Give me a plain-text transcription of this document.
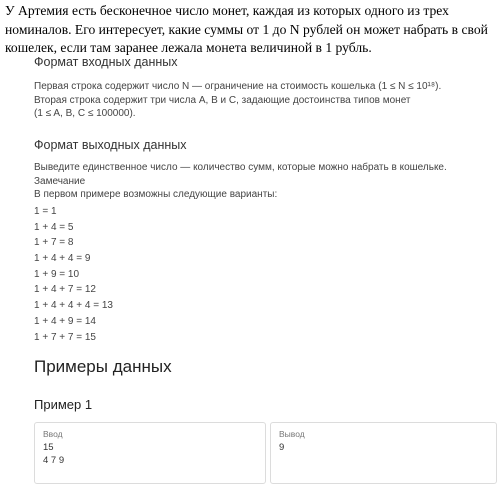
У Артемия есть бесконечное число монет, каждая из которых одного из трех номиналов. Его интересует, какие суммы от 1 до N рублей он может набрать в свой кошелек, если там заранее лежала монета величиной в 1 рубль.
Формат входных данных
Первая строка содержит число N — ограничение на стоимость кошелька (1 ≤ N ≤ 10¹⁸).
Вторая строка содержит три числа A, B и C, задающие достоинства типов монет
(1 ≤ A, B, C ≤ 100000).
Формат выходных данных
Выведите единственное число — количество сумм, которые можно набрать в кошельке.
Замечание
В первом примере возможны следующие варианты:
1 = 1
1 + 4 = 5
1 + 7 = 8
1 + 4 + 4 = 9
1 + 9 = 10
1 + 4 + 7 = 12
1 + 4 + 4 + 4 = 13
1 + 4 + 9 = 14
1 + 7 + 7 = 15
Примеры данных
Пример 1
Ввод
15
4 7 9
Вывод
9
